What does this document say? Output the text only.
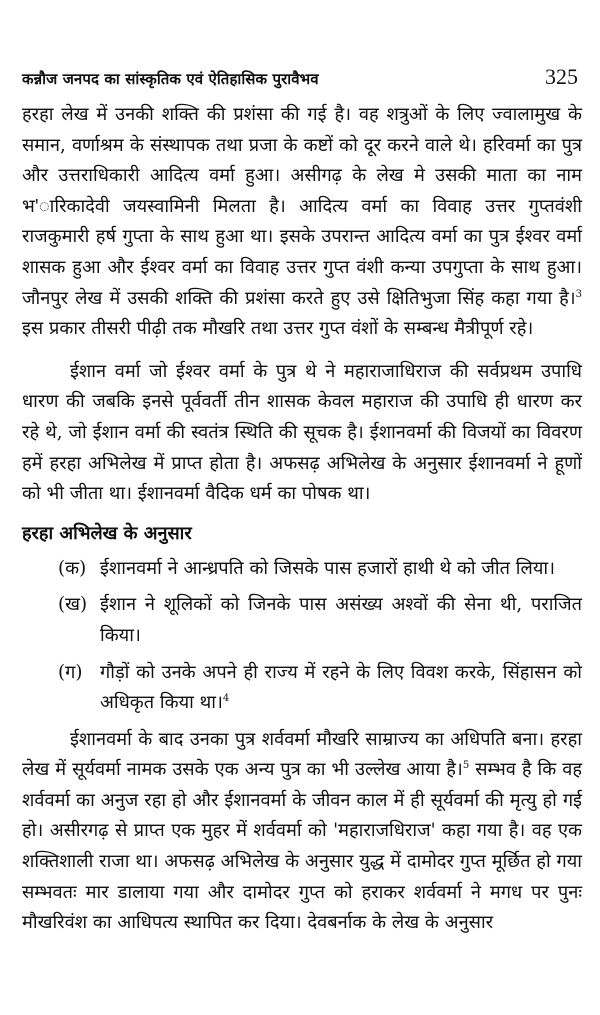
कन्नौज जनपद का सांस्कृतिक एवं ऐतिहासिक पुरावैभव	325

हरहा लेख में उनकी शक्ति की प्रशंसा की गई है। वह शत्रुओं के लिए ज्वालामुख के समान, वर्णाश्रम के संस्थापक तथा प्रजा के कष्टों को दूर करने वाले थे। हरिवर्मा का पुत्र और उत्तराधिकारी आदित्य वर्मा हुआ। असीगढ़ के लेख मे उसकी माता का नाम भ'ारिकादेवी जयस्वामिनी मिलता है। आदित्य वर्मा का विवाह उत्तर गुप्तवंशी राजकुमारी हर्ष गुप्ता के साथ हुआ था। इसके उपरान्त आदित्य वर्मा का पुत्र ईश्वर वर्मा शासक हुआ और ईश्वर वर्मा का विवाह उत्तर गुप्त वंशी कन्या उपगुप्ता के साथ हुआ। जौनपुर लेख में उसकी शक्ति की प्रशंसा करते हुए उसे क्षितिभुजा सिंह कहा गया है।$^3$ इस प्रकार तीसरी पीढ़ी तक मौखरि तथा उत्तर गुप्त वंशों के सम्बन्ध मैत्रीपूर्ण रहे।

ईशान वर्मा जो ईश्वर वर्मा के पुत्र थे ने महाराजाधिराज की सर्वप्रथम उपाधि धारण की जबकि इनसे पूर्ववर्ती तीन शासक केवल महाराज की उपाधि ही धारण कर रहे थे, जो ईशान वर्मा की स्वतंत्र स्थिति की सूचक है। ईशानवर्मा की विजयों का विवरण हमें हरहा अभिलेख में प्राप्त होता है। अफसढ़ अभिलेख के अनुसार ईशानवर्मा ने हूणों को भी जीता था। ईशानवर्मा वैदिक धर्म का पोषक था।

हरहा अभिलेख के अनुसार
(क) ईशानवर्मा ने आन्ध्रपति को जिसके पास हजारों हाथी थे को जीत लिया।
(ख) ईशान ने शूलिकों को जिनके पास असंख्य अश्वों की सेना थी, पराजित किया।
(ग) गौड़ों को उनके अपने ही राज्य में रहने के लिए विवश करके, सिंहासन को अधिकृत किया था।$^4$

ईशानवर्मा के बाद उनका पुत्र शर्ववर्मा मौखरि साम्राज्य का अधिपति बना। हरहा लेख में सूर्यवर्मा नामक उसके एक अन्य पुत्र का भी उल्लेख आया है।$^5$ सम्भव है कि वह शर्ववर्मा का अनुज रहा हो और ईशानवर्मा के जीवन काल में ही सूर्यवर्मा की मृत्यु हो गई हो। असीरगढ़ से प्राप्त एक मुहर में शर्ववर्मा को 'महाराजधिराज' कहा गया है। वह एक शक्तिशाली राजा था। अफसढ़ अभिलेख के अनुसार युद्ध में दामोदर गुप्त मूर्छित हो गया सम्भवतः मार डालाया गया और दामोदर गुप्त को हराकर शर्ववर्मा ने मगध पर पुनः मौखरिवंश का आधिपत्य स्थापित कर दिया। देवबर्नाक के लेख के अनुसार
